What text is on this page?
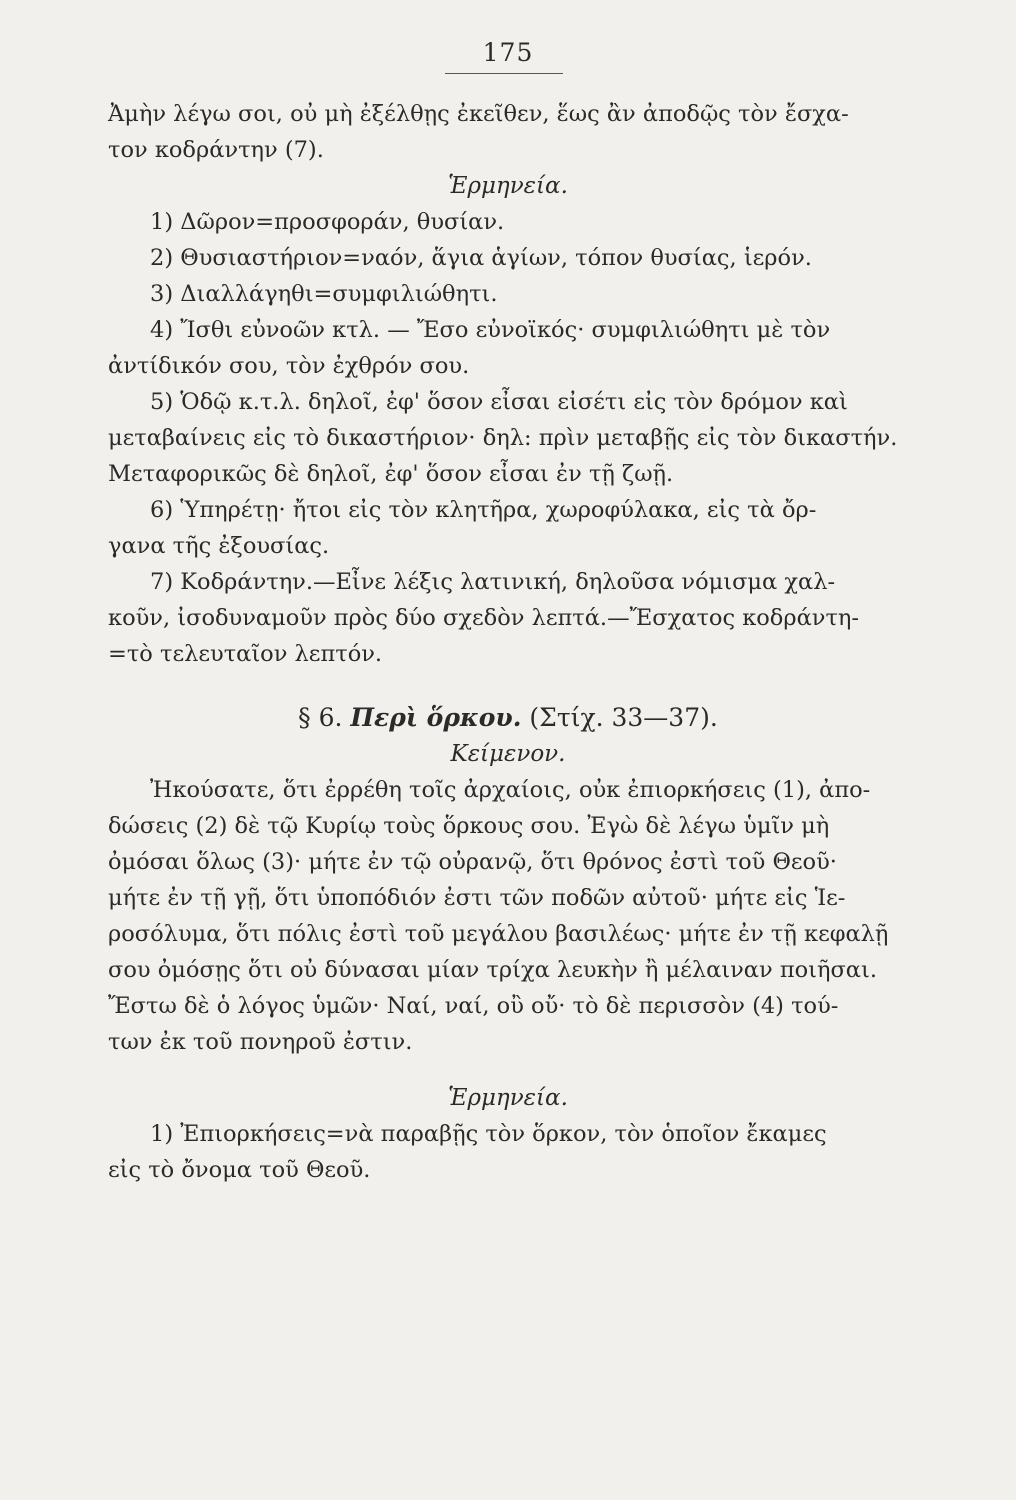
175

Ἀμὴν λέγω σοι, οὐ μὴ ἐξέλθῃς ἐκεῖθεν, ἕως ἂν ἀποδῷς τὸν ἔσχα-

τον κοδράντην (7).

Ἑρμηνεία.

1) Δῶρον=προσφοράν, θυσίαν.

2) Θυσιαστήριον=ναόν, ἅγια ἁγίων, τόπον θυσίας, ἱερόν.

3) Διαλλάγηθι=συμφιλιώθητι.

4) Ἴσθι εὐνοῶν κτλ. — Ἔσο εὐνοϊκός· συμφιλιώθητι μὲ τὸν

ἀντίδικόν σου, τὸν ἐχθρόν σου.

5) Ὁδῷ κ.τ.λ. δηλοῖ, ἐφ' ὅσον εἶσαι εἰσέτι εἰς τὸν δρόμον καὶ

μεταβαίνεις εἰς τὸ δικαστήριον· δηλ: πρὶν μεταβῇς εἰς τὸν δικαστήν.

Μεταφορικῶς δὲ δηλοῖ, ἐφ' ὅσον εἶσαι ἐν τῇ ζωῇ.

6) Ὑπηρέτῃ· ἤτοι εἰς τὸν κλητῆρα, χωροφύλακα, εἰς τὰ ὄρ-

γανα τῆς ἐξουσίας.

7) Κοδράντην.—Εἶνε λέξις λατινική, δηλοῦσα νόμισμα χαλ-

κοῦν, ἰσοδυναμοῦν πρὸς δύο σχεδὸν λεπτά.—Ἔσχατος κοδράντη-

=τὸ τελευταῖον λεπτόν.

§ 6. Περὶ ὅρκου. (Στίχ. 33—37).

Κείμενον.

Ἠκούσατε, ὅτι ἐρρέθη τοῖς ἀρχαίοις, οὐκ ἐπιορκήσεις (1), ἀπο-

δώσεις (2) δὲ τῷ Κυρίῳ τοὺς ὅρκους σου. Ἐγὼ δὲ λέγω ὑμῖν μὴ

ὀμόσαι ὅλως (3)· μήτε ἐν τῷ οὐρανῷ, ὅτι θρόνος ἐστὶ τοῦ Θεοῦ·

μήτε ἐν τῇ γῇ, ὅτι ὑποπόδιόν ἐστι τῶν ποδῶν αὐτοῦ· μήτε εἰς Ἱε-

ροσόλυμα, ὅτι πόλις ἐστὶ τοῦ μεγάλου βασιλέως· μήτε ἐν τῇ κεφαλῇ

σου ὀμόσῃς ὅτι οὐ δύνασαι μίαν τρίχα λευκὴν ἢ μέλαιναν ποιῆσαι.

Ἔστω δὲ ὁ λόγος ὑμῶν· Ναί, ναί, οὒ οὔ· τὸ δὲ περισσὸν (4) τού-

των ἐκ τοῦ πονηροῦ ἐστιν.

Ἑρμηνεία.

1) Ἐπιορκήσεις=νὰ παραβῇς τὸν ὅρκον, τὸν ὁποῖον ἔκαμες

εἰς τὸ ὄνομα τοῦ Θεοῦ.
